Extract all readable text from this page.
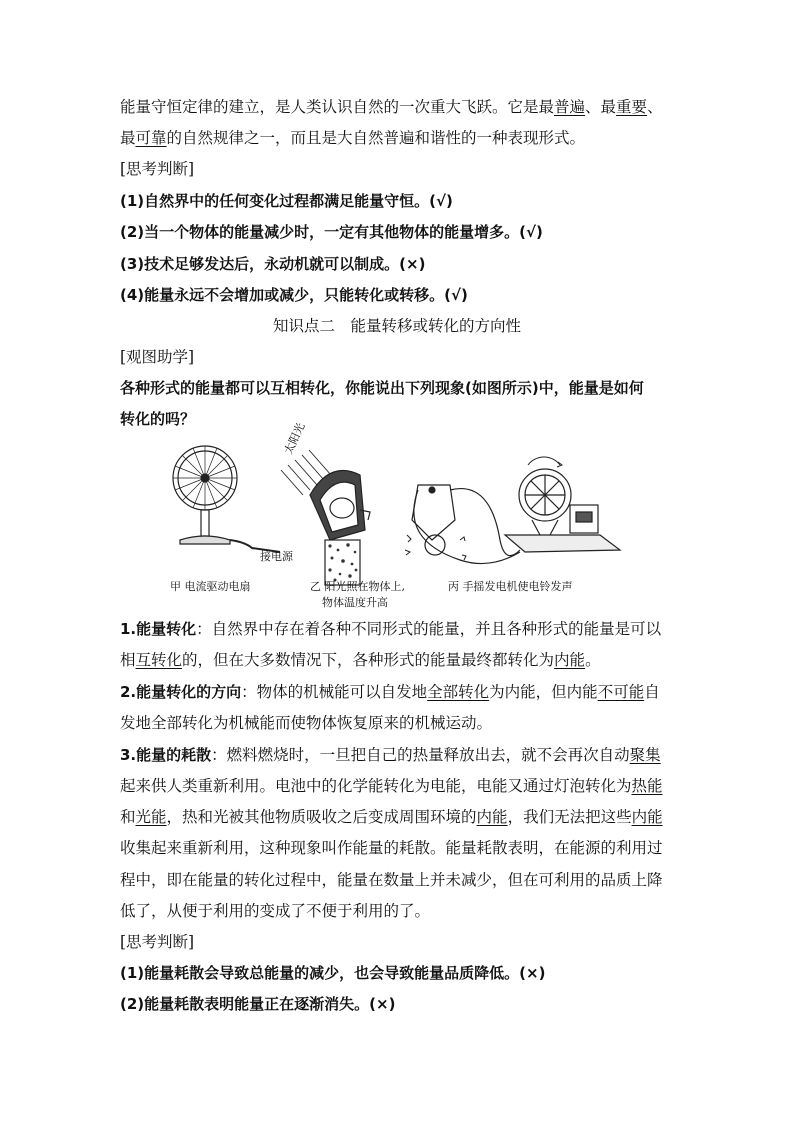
能量守恒定律的建立，是人类认识自然的一次重大飞跃。它是最普遍、最重要、
最可靠的自然规律之一，而且是大自然普遍和谐性的一种表现形式。
[思考判断]
(1)自然界中的任何变化过程都满足能量守恒。(√)
(2)当一个物体的能量减少时，一定有其他物体的能量增多。(√)
(3)技术足够发达后，永动机就可以制成。(×)
(4)能量永远不会增加或减少，只能转化或转移。(√)
知识点二　能量转移或转化的方向性
[观图助学]
各种形式的能量都可以互相转化，你能说出下列现象(如图所示)中，能量是如何
转化的吗？
接电源
太阳光
甲 电流驱动电扇	乙 阳光照在物体上,
物体温度升高
丙 手摇发电机使电铃发声
1.能量转化：自然界中存在着各种不同形式的能量，并且各种形式的能量是可以
相互转化的，但在大多数情况下，各种形式的能量最终都转化为内能。
2.能量转化的方向：物体的机械能可以自发地全部转化为内能，但内能不可能自
发地全部转化为机械能而使物体恢复原来的机械运动。
3.能量的耗散：燃料燃烧时，一旦把自己的热量释放出去，就不会再次自动聚集
起来供人类重新利用。电池中的化学能转化为电能，电能又通过灯泡转化为热能
和光能，热和光被其他物质吸收之后变成周围环境的内能，我们无法把这些内能
收集起来重新利用，这种现象叫作能量的耗散。能量耗散表明，在能源的利用过
程中，即在能量的转化过程中，能量在数量上并未减少，但在可利用的品质上降
低了，从便于利用的变成了不便于利用的了。
[思考判断]
(1)能量耗散会导致总能量的减少，也会导致能量品质降低。(×)
(2)能量耗散表明能量正在逐渐消失。(×)
